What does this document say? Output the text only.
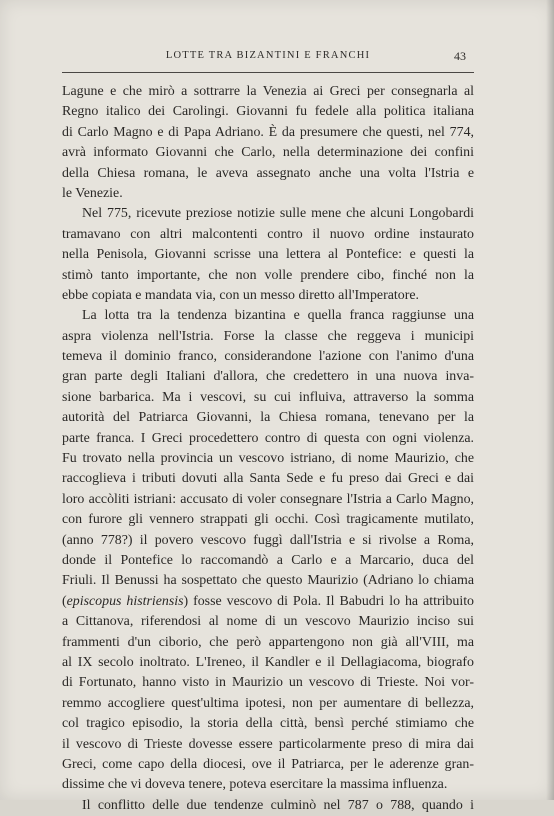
LOTTE TRA BIZANTINI E FRANCHI	43
Lagune e che mirò a sottrarre la Venezia ai Greci per consegnarla al
Regno italico dei Carolingi. Giovanni fu fedele alla politica italiana
di Carlo Magno e di Papa Adriano. È da presumere che questi, nel 774,
avrà informato Giovanni che Carlo, nella determinazione dei confini
della Chiesa romana, le aveva assegnato anche una volta l'Istria e
le Venezie.
Nel 775, ricevute preziose notizie sulle mene che alcuni Longobardi
tramavano con altri malcontenti contro il nuovo ordine instaurato
nella Penisola, Giovanni scrisse una lettera al Pontefice: e questi la
stimò tanto importante, che non volle prendere cibo, finché non la
ebbe copiata e mandata via, con un messo diretto all'Imperatore.
La lotta tra la tendenza bizantina e quella franca raggiunse una
aspra violenza nell'Istria. Forse la classe che reggeva i municipi
temeva il dominio franco, considerandone l'azione con l'animo d'una
gran parte degli Italiani d'allora, che credettero in una nuova inva-
sione barbarica. Ma i vescovi, su cui influiva, attraverso la somma
autorità del Patriarca Giovanni, la Chiesa romana, tenevano per la
parte franca. I Greci procedettero contro di questa con ogni violenza.
Fu trovato nella provincia un vescovo istriano, di nome Maurizio, che
raccoglieva i tributi dovuti alla Santa Sede e fu preso dai Greci e dai
loro accòliti istriani: accusato di voler consegnare l'Istria a Carlo Magno,
con furore gli vennero strappati gli occhi. Così tragicamente mutilato,
(anno 778?) il povero vescovo fuggì dall'Istria e si rivolse a Roma,
donde il Pontefice lo raccomandò a Carlo e a Marcario, duca del
Friuli. Il Benussi ha sospettato che questo Maurizio (Adriano lo chiama
(episcopus histriensis) fosse vescovo di Pola. Il Babudri lo ha attribuito
a Cittanova, riferendosi al nome di un vescovo Maurizio inciso sui
frammenti d'un ciborio, che però appartengono non già all'VIII, ma
al IX secolo inoltrato. L'Ireneo, il Kandler e il Dellagiacoma, biografo
di Fortunato, hanno visto in Maurizio un vescovo di Trieste. Noi vor-
remmo accogliere quest'ultima ipotesi, non per aumentare di bellezza,
col tragico episodio, la storia della città, bensì perché stimiamo che
il vescovo di Trieste dovesse essere particolarmente preso di mira dai
Greci, come capo della diocesi, ove il Patriarca, per le aderenze gran-
dissime che vi doveva tenere, poteva esercitare la massima influenza.
Il conflitto delle due tendenze culminò nel 787 o 788, quando i
